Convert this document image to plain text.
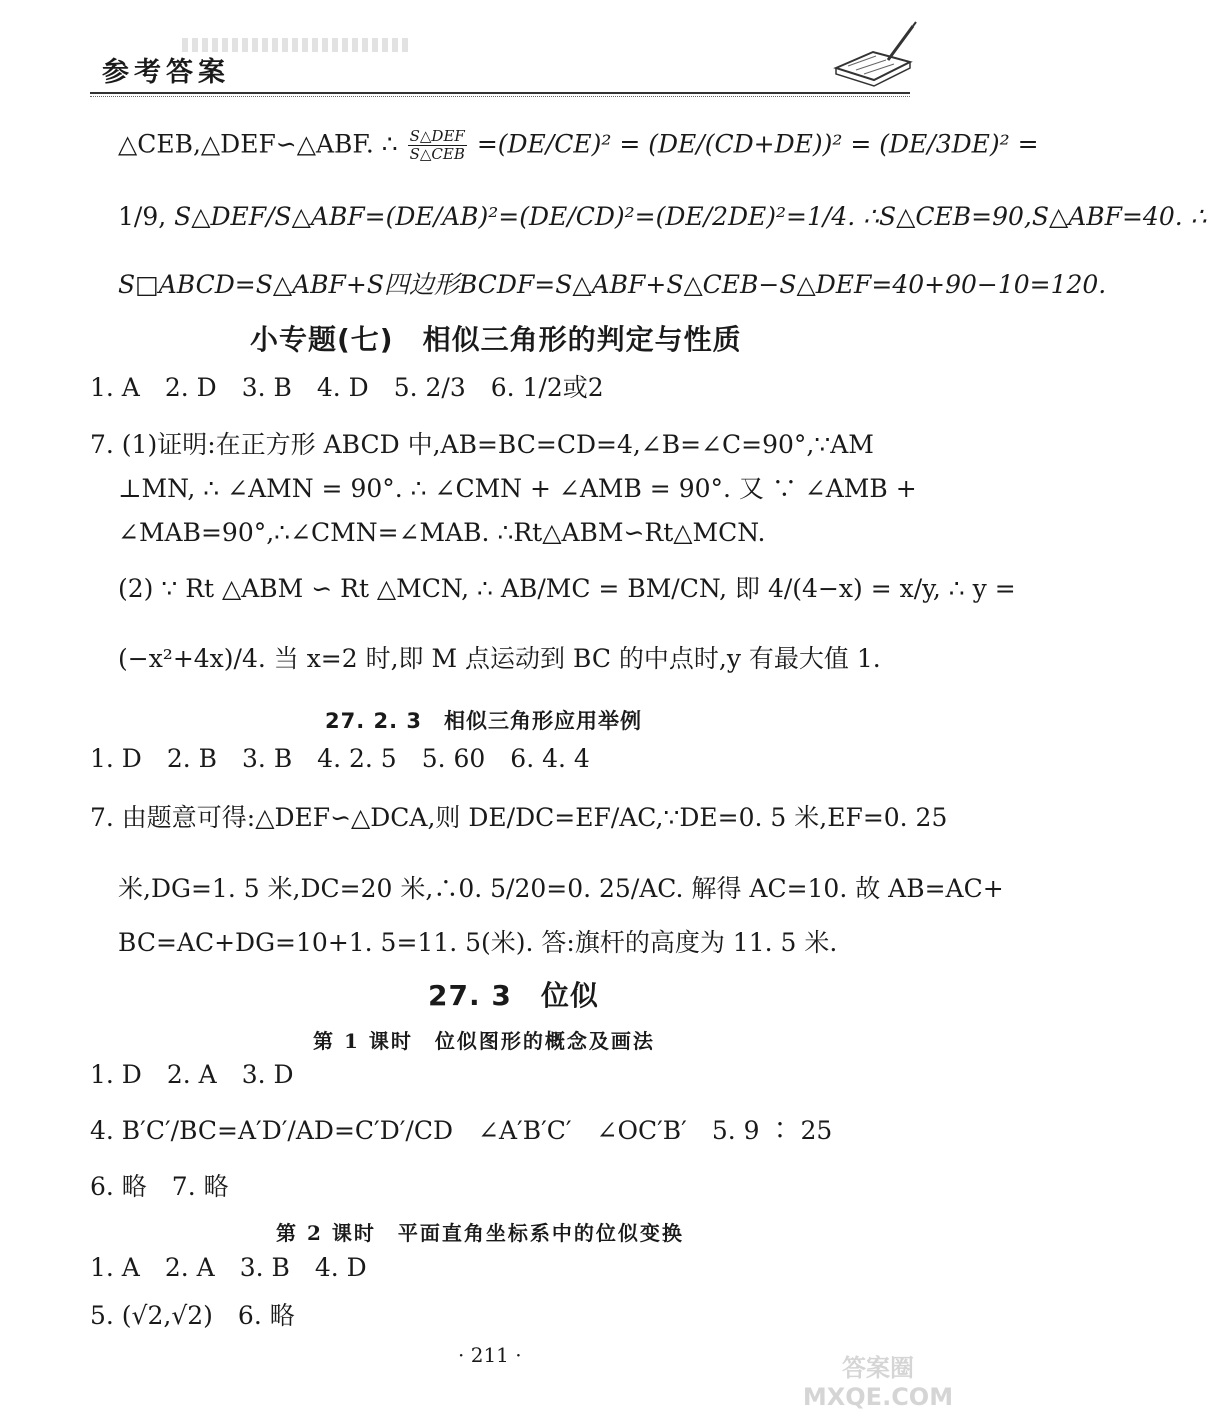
参考答案
△CEB,△DEF∽△ABF. ∴ $\frac{\text{S△DEF}}{\text{S△CEB}} =(DE/CE)^2 = (DE/(CD+DE))^2 = (DE/3DE)^2$ =
1/9, S△DEF/S△ABF=(DE/AB)²=(DE/CD)²=(DE/2DE)²=1/4. ∴S△CEB=90,S△ABF=40. ∴
S□ABCD=S△ABF+S四边形BCDF=S△ABF+S△CEB−S△DEF=40+90−10=120.
小专题(七)　相似三角形的判定与性质
1. A　2. D　3. B　4. D　5. 2/3　6. 1/2或2
7. (1)证明:在正方形 ABCD 中,AB=BC=CD=4,∠B=∠C=90°,∵AM
⊥MN, ∴ ∠AMN = 90°. ∴ ∠CMN + ∠AMB = 90°. 又 ∵ ∠AMB +
∠MAB=90°,∴∠CMN=∠MAB. ∴Rt△ABM∽Rt△MCN.
(2) ∵ Rt △ABM ∽ Rt △MCN, ∴ AB/MC = BM/CN, 即 4/(4−x) = x/y, ∴ y =
(−x²+4x)/4. 当 x=2 时,即 M 点运动到 BC 的中点时,y 有最大值 1.
27. 2. 3　相似三角形应用举例
1. D　2. B　3. B　4. 2. 5　5. 60　6. 4. 4
7. 由题意可得:△DEF∽△DCA,则 DE/DC=EF/AC,∵DE=0. 5 米,EF=0. 25
米,DG=1. 5 米,DC=20 米,∴0. 5/20=0. 25/AC. 解得 AC=10. 故 AB=AC+
BC=AC+DG=10+1. 5=11. 5(米). 答:旗杆的高度为 11. 5 米.
27. 3　位似
第 1 课时　位似图形的概念及画法
1. D　2. A　3. D
4. B′C′/BC=A′D′/AD=C′D′/CD　∠A′B′C′　∠OC′B′　5. 9 ∶ 25
6. 略　7. 略
第 2 课时　平面直角坐标系中的位似变换
1. A　2. A　3. B　4. D
5. (√2,√2)　6. 略
· 211 ·	答案圈 MXQE.COM
